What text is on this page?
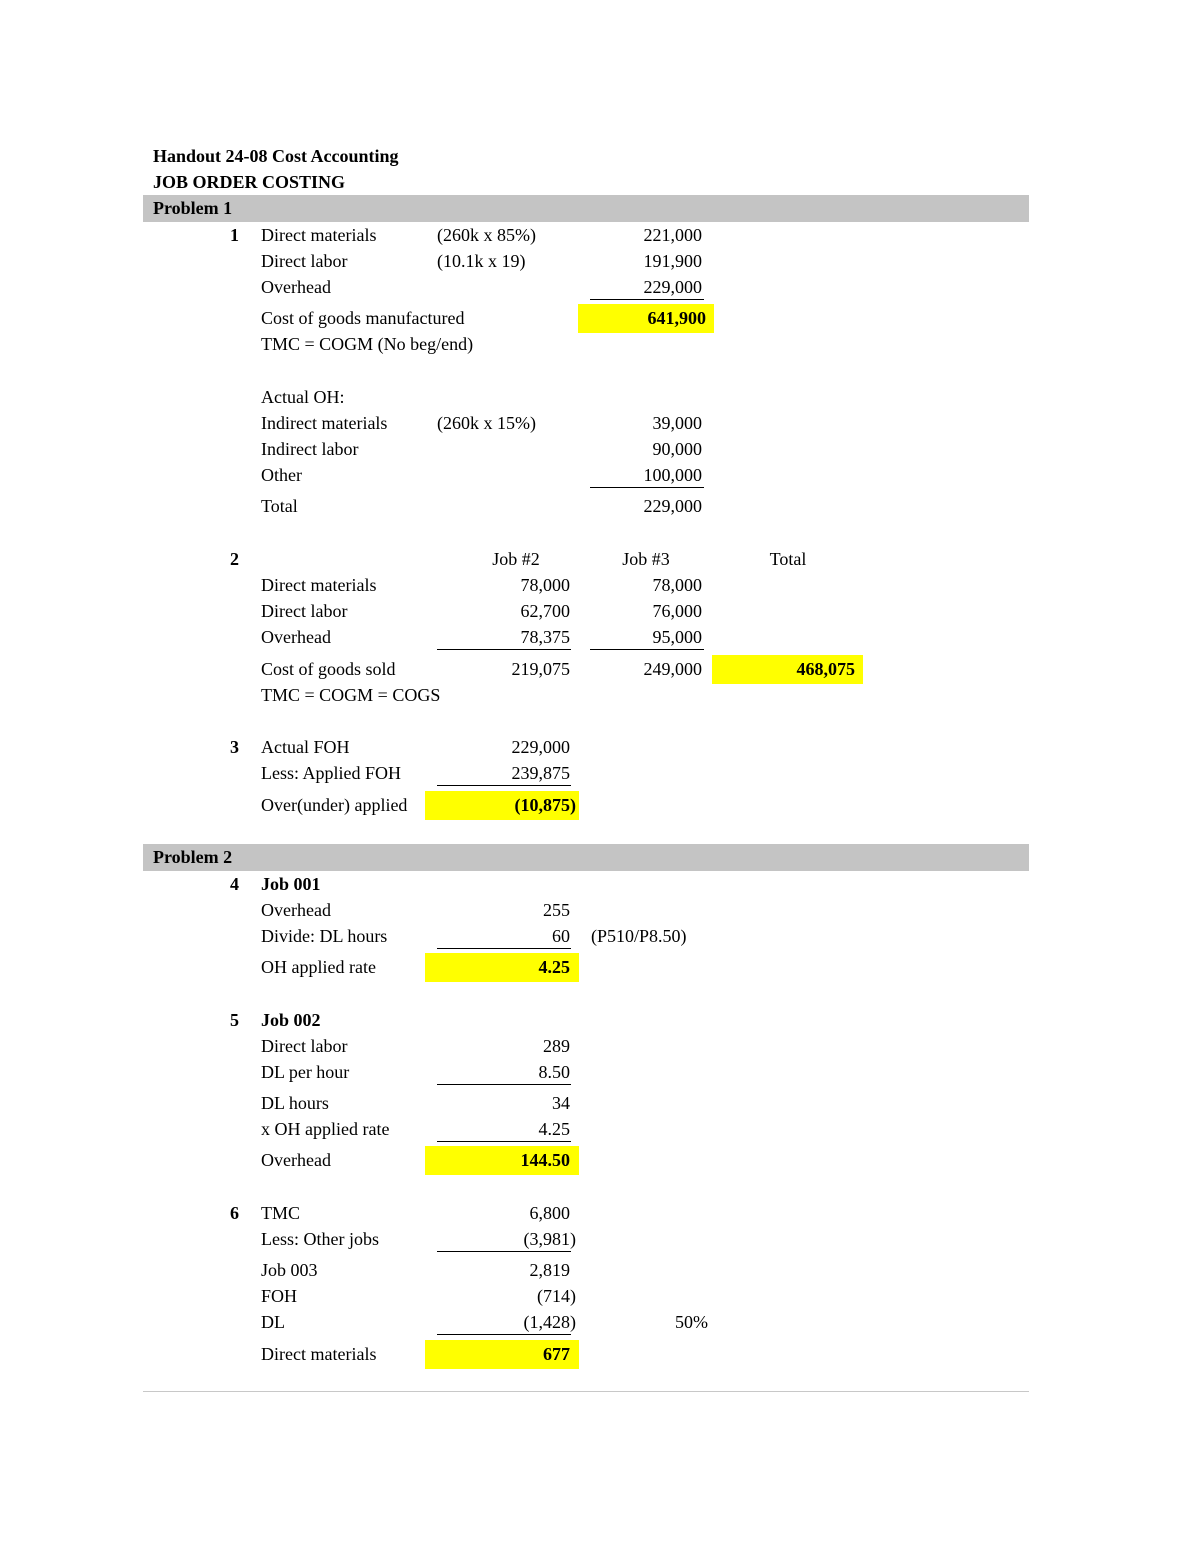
Handout 24-08 Cost Accounting
JOB ORDER COSTING
Problem 1
1 Direct materials	(260k x 85%)	221,000
Direct labor	(10.1k x 19)	191,900
Overhead	229,000
Cost of goods manufactured	641,900
TMC = COGM (No beg/end)
Actual OH:
Indirect materials	(260k x 15%)	39,000
Indirect labor	90,000
Other	100,000
Total	229,000
2	Job #2	Job #3	Total
Direct materials	78,000	78,000
Direct labor	62,700	76,000
Overhead	78,375	95,000
Cost of goods sold	219,075	249,000	468,075
TMC = COGM = COGS
3 Actual FOH	229,000
Less: Applied FOH	239,875
Over(under) applied	(10,875)
Problem 2
4 Job 001
Overhead	255
Divide: DL hours	60 (P510/P8.50)
OH applied rate	4.25
5 Job 002
Direct labor	289
DL per hour	8.50
DL hours	34
x OH applied rate	4.25
Overhead	144.50
6 TMC	6,800
Less: Other jobs	(3,981)
Job 003	2,819
FOH	(714)
DL	(1,428)	50%
Direct materials	677
